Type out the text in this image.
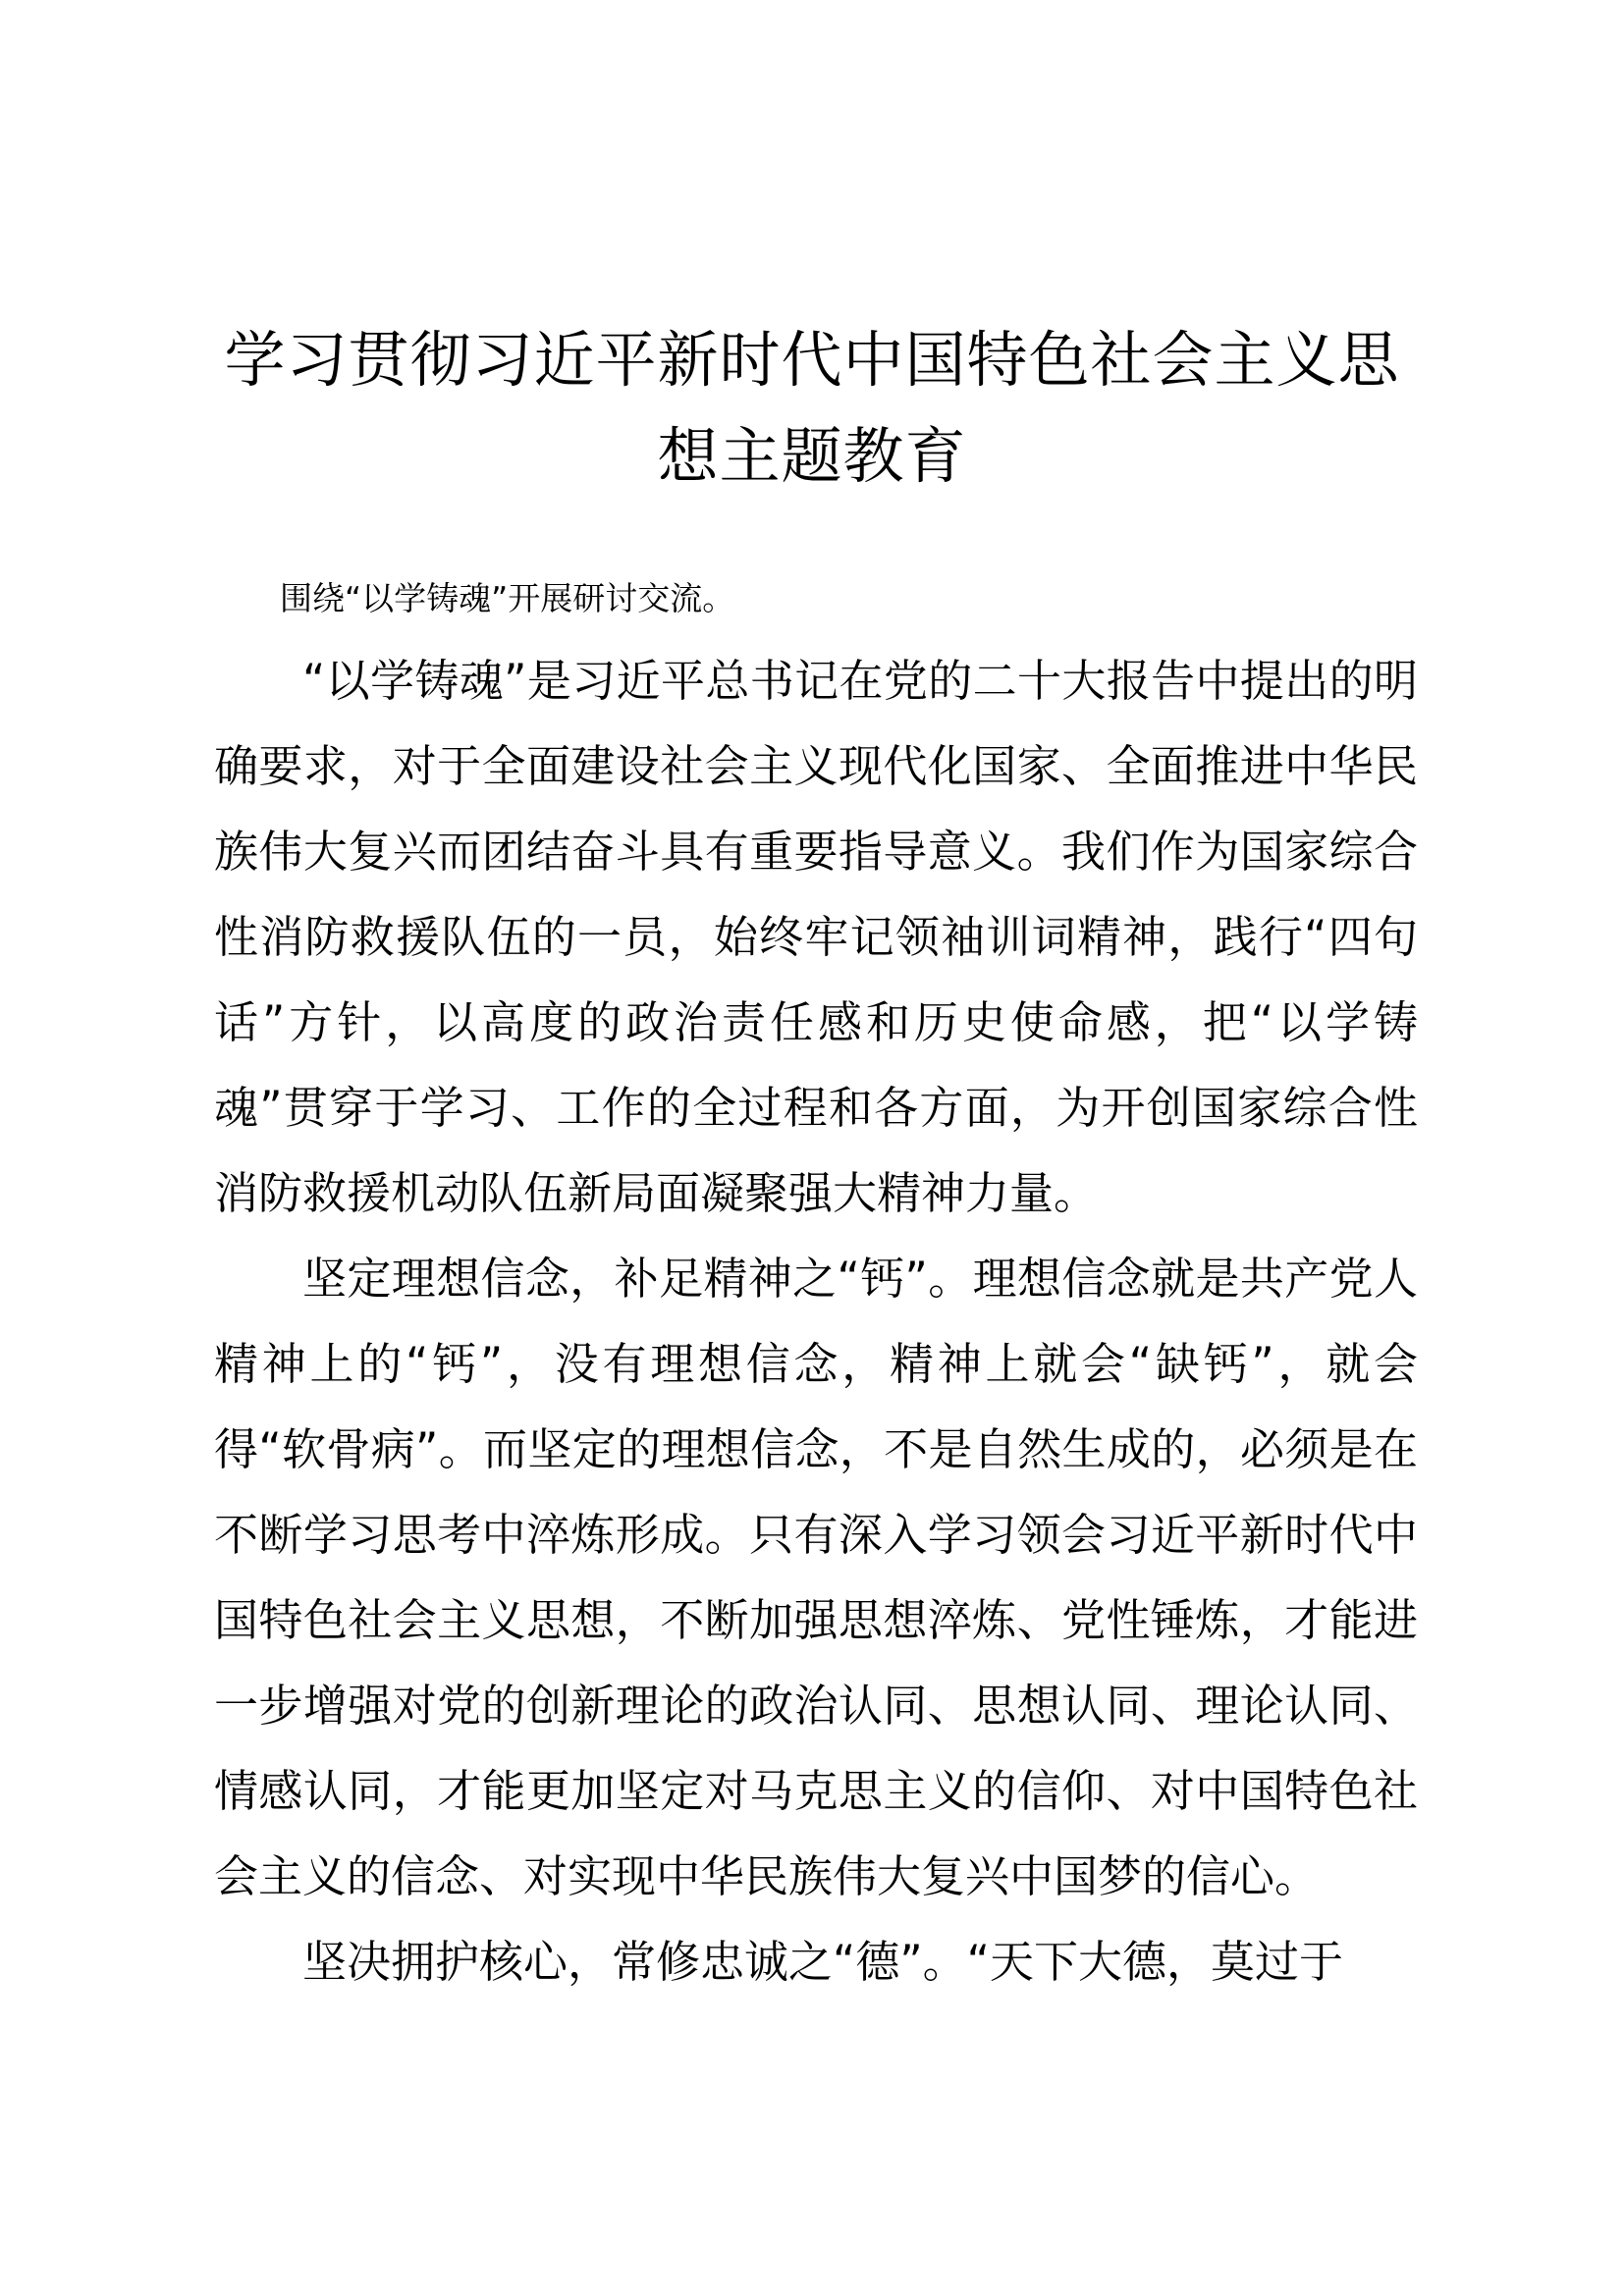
学习贯彻习近平新时代中国特色社会主义思想主题教育

围绕“以学铸魂”开展研讨交流。

“以学铸魂”是习近平总书记在党的二十大报告中提出的明确要求，对于全面建设社会主义现代化国家、全面推进中华民族伟大复兴而团结奋斗具有重要指导意义。我们作为国家综合性消防救援队伍的一员，始终牢记领袖训词精神，践行“四句话”方针，以高度的政治责任感和历史使命感，把“以学铸魂”贯穿于学习、工作的全过程和各方面，为开创国家综合性消防救援机动队伍新局面凝聚强大精神力量。

坚定理想信念，补足精神之“钙”。理想信念就是共产党人精神上的“钙”，没有理想信念，精神上就会“缺钙”，就会得“软骨病”。而坚定的理想信念，不是自然生成的，必须是在不断学习思考中淬炼形成。只有深入学习领会习近平新时代中国特色社会主义思想，不断加强思想淬炼、党性锤炼，才能进一步增强对党的创新理论的政治认同、思想认同、理论认同、情感认同，才能更加坚定对马克思主义的信仰、对中国特色社会主义的信念、对实现中华民族伟大复兴中国梦的信心。

坚决拥护核心，常修忠诚之“德”。“天下大德，莫过于
